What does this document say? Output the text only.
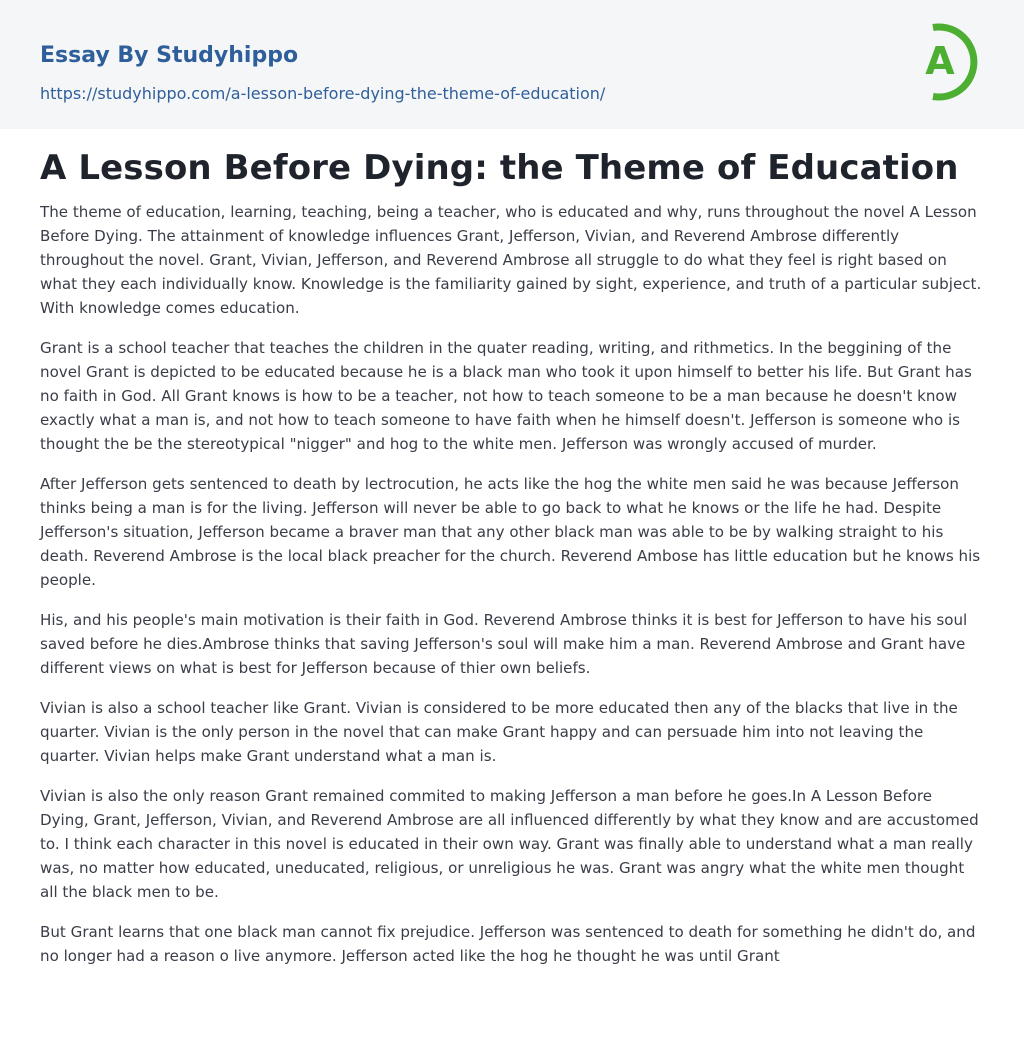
Essay By Studyhippo
https://studyhippo.com/a-lesson-before-dying-the-theme-of-education/
A
A Lesson Before Dying: the Theme of Education

The theme of education, learning, teaching, being a teacher, who is educated and why, runs throughout the novel A Lesson Before Dying. The attainment of knowledge influences Grant, Jefferson, Vivian, and Reverend Ambrose differently throughout the novel. Grant, Vivian, Jefferson, and Reverend Ambrose all struggle to do what they feel is right based on what they each individually know. Knowledge is the familiarity gained by sight, experience, and truth of a particular subject. With knowledge comes education.

Grant is a school teacher that teaches the children in the quater reading, writing, and rithmetics. In the beggining of the novel Grant is depicted to be educated because he is a black man who took it upon himself to better his life. But Grant has no faith in God. All Grant knows is how to be a teacher, not how to teach someone to be a man because he doesn't know exactly what a man is, and not how to teach someone to have faith when he himself doesn't. Jefferson is someone who is thought the be the stereotypical "nigger" and hog to the white men. Jefferson was wrongly accused of murder.

After Jefferson gets sentenced to death by lectrocution, he acts like the hog the white men said he was because Jefferson thinks being a man is for the living. Jefferson will never be able to go back to what he knows or the life he had. Despite Jefferson's situation, Jefferson became a braver man that any other black man was able to be by walking straight to his death. Reverend Ambrose is the local black preacher for the church. Reverend Ambose has little education but he knows his people.

His, and his people's main motivation is their faith in God. Reverend Ambrose thinks it is best for Jefferson to have his soul saved before he dies.Ambrose thinks that saving Jefferson's soul will make him a man. Reverend Ambrose and Grant have different views on what is best for Jefferson because of thier own beliefs.

Vivian is also a school teacher like Grant. Vivian is considered to be more educated then any of the blacks that live in the quarter. Vivian is the only person in the novel that can make Grant happy and can persuade him into not leaving the quarter. Vivian helps make Grant understand what a man is.

Vivian is also the only reason Grant remained commited to making Jefferson a man before he goes.In A Lesson Before Dying, Grant, Jefferson, Vivian, and Reverend Ambrose are all influenced differently by what they know and are accustomed to. I think each character in this novel is educated in their own way. Grant was finally able to understand what a man really was, no matter how educated, uneducated, religious, or unreligious he was. Grant was angry what the white men thought all the black men to be.

But Grant learns that one black man cannot fix prejudice. Jefferson was sentenced to death for something he didn't do, and no longer had a reason o live anymore. Jefferson acted like the hog he thought he was until Grant
